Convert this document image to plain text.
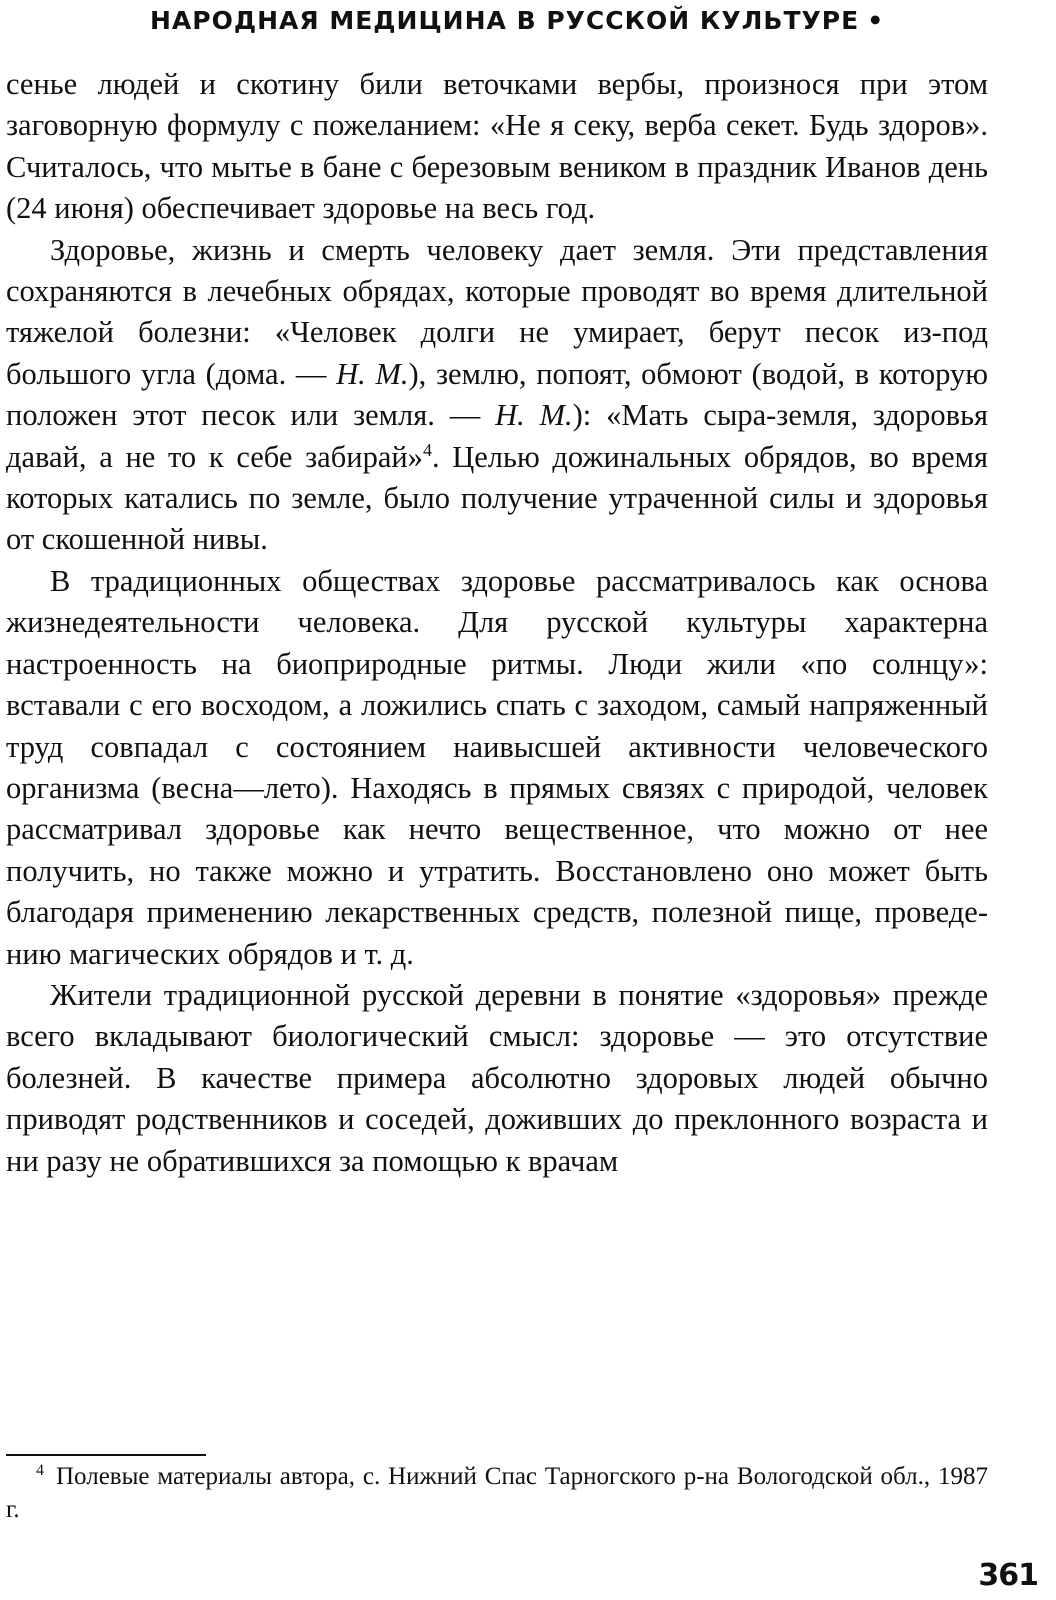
НАРОДНАЯ МЕДИЦИНА В РУССКОЙ КУЛЬТУРЕ •

сенье людей и скотину били веточками вербы, произнося при этом заговорную формулу с пожеланием: «Не я секу, верба секет. Будь здоров». Считалось, что мытье в бане с березовым веником в праздник Иванов день (24 июня) обеспечивает здоровье на весь год.

Здоровье, жизнь и смерть человеку дает земля. Эти представления сохраняются в лечебных обрядах, которые проводят во время длительной тяжелой болезни: «Человек долги не умирает, берут песок из-под большого угла (дома. — Н. М.), землю, попоят, обмоют (водой, в которую положен этот песок или земля. — Н. М.): «Мать сыра-земля, здоровья давай, а не то к себе забирай»$^4$. Целью дожинальных обрядов, во время которых катались по земле, было получение утраченной силы и здоровья от скошенной нивы.

В традиционных обществах здоровье рассматривалось как основа жизнедеятельности человека. Для русской культуры характерна настроенность на биоприродные ритмы. Люди жили «по солнцу»: вставали с его восходом, а ложились спать с заходом, самый напряженный труд совпадал с состоянием наивысшей активности человеческого организма (весна—лето). Находясь в прямых связях с природой, человек рассматривал здоровье как нечто вещественное, что можно от нее получить, но также можно и утратить. Восстановлено оно может быть благодаря применению лекарственных средств, полезной пище, проведению магических обрядов и т. д.

Жители традиционной русской деревни в понятие «здоровья» прежде всего вкладывают биологический смысл: здоровье — это отсутствие болезней. В качестве примера абсолютно здоровых людей обычно приводят родственников и соседей, доживших до преклонного возраста и ни разу не обратившихся за помощью к врачам

$^4$ Полевые материалы автора, с. Нижний Спас Тарногского р-на Вологодской обл., 1987 г.
361
